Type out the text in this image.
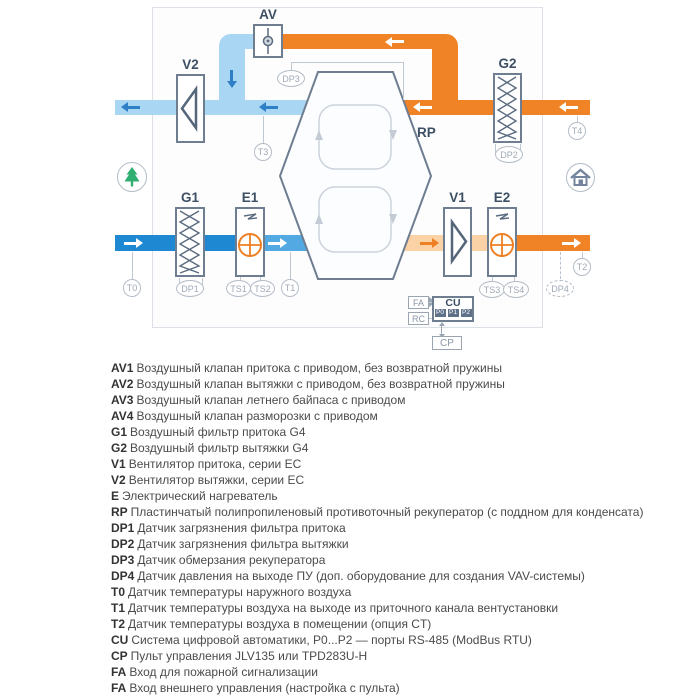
RP
AV
V2	G2
G1	E1	V1	E2
T0	T1
T3
T4
T2
DP1
DP2
DP3
DP4
TS1 TS2	TS3 TS4
FA
RC
CU
P0 P1 P2
CP
AV1 Воздушный клапан притока с приводом, без возвратной пружины
AV2 Воздушный клапан вытяжки с приводом, без возвратной пружины
AV3 Воздушный клапан летнего байпаса с приводом
AV4 Воздушный клапан разморозки с приводом
G1 Воздушный фильтр притока G4
G2 Воздушный фильтр вытяжки G4
V1 Вентилятор притока, серии EC
V2 Вентилятор вытяжки, серии EC
E Электрический нагреватель
RP Пластинчатый полипропиленовый противоточный рекуператор (с поддном для конденсата)
DP1 Датчик загрязнения фильтра притока
DP2 Датчик загрязнения фильтра вытяжки
DP3 Датчик обмерзания рекуператора
DP4 Датчик давления на выходе ПУ (доп. оборудование для создания VAV-системы)
T0 Датчик температуры наружного воздуха
T1 Датчик температуры воздуха на выходе из приточного канала вентустановки
T2 Датчик температуры воздуха в помещении (опция CT)
CU Система цифровой автоматики, P0...P2 — порты RS-485 (ModBus RTU)
CP Пульт управления JLV135 или TPD283U-H
FA Вход для пожарной сигнализации
FA Вход внешнего управления (настройка с пульта)
